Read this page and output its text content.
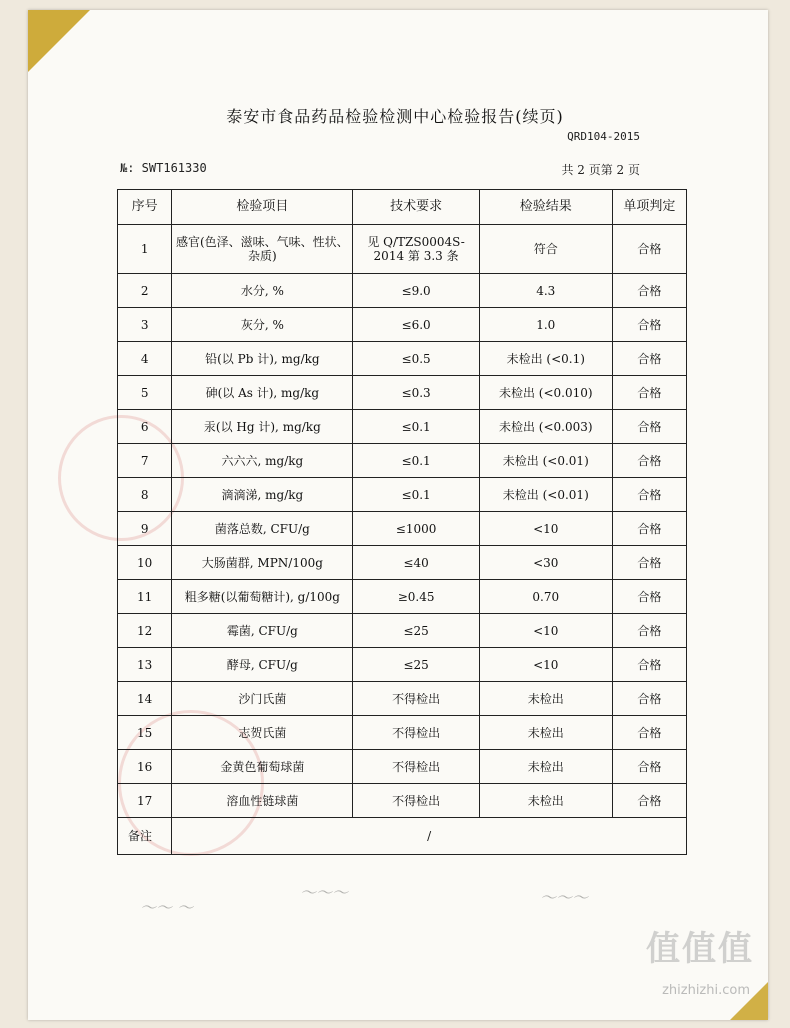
泰安市食品药品检验检测中心检验报告(续页)
QRD104-2015
№: SWT161330	共 2 页第 2 页
序号	检验项目	技术要求	检验结果	单项判定
1	感官(色泽、滋味、气味、性状、杂质)	见 Q/TZS0004S-2014 第 3.3 条	符合	合格
2	水分, %	≤9.0	4.3	合格
3	灰分, %	≤6.0	1.0	合格
4	铅(以 Pb 计), mg/kg	≤0.5	未检出 (<0.1)	合格
5	砷(以 As 计), mg/kg	≤0.3	未检出 (<0.010)	合格
6	汞(以 Hg 计), mg/kg	≤0.1	未检出 (<0.003)	合格
7	六六六, mg/kg	≤0.1	未检出 (<0.01)	合格
8	滴滴涕, mg/kg	≤0.1	未检出 (<0.01)	合格
9	菌落总数, CFU/g	≤1000	<10	合格
10	大肠菌群, MPN/100g	≤40	<30	合格
11	粗多糖(以葡萄糖计), g/100g	≥0.45	0.70	合格
12	霉菌, CFU/g	≤25	<10	合格
13	酵母, CFU/g	≤25	<10	合格
14	沙门氏菌	不得检出	未检出	合格
15	志贺氏菌	不得检出	未检出	合格
16	金黄色葡萄球菌	不得检出	未检出	合格
17	溶血性链球菌	不得检出	未检出	合格
备注	/			
〜〜 〜
〜〜〜	〜〜〜
值值值
zhizhizhi.com
